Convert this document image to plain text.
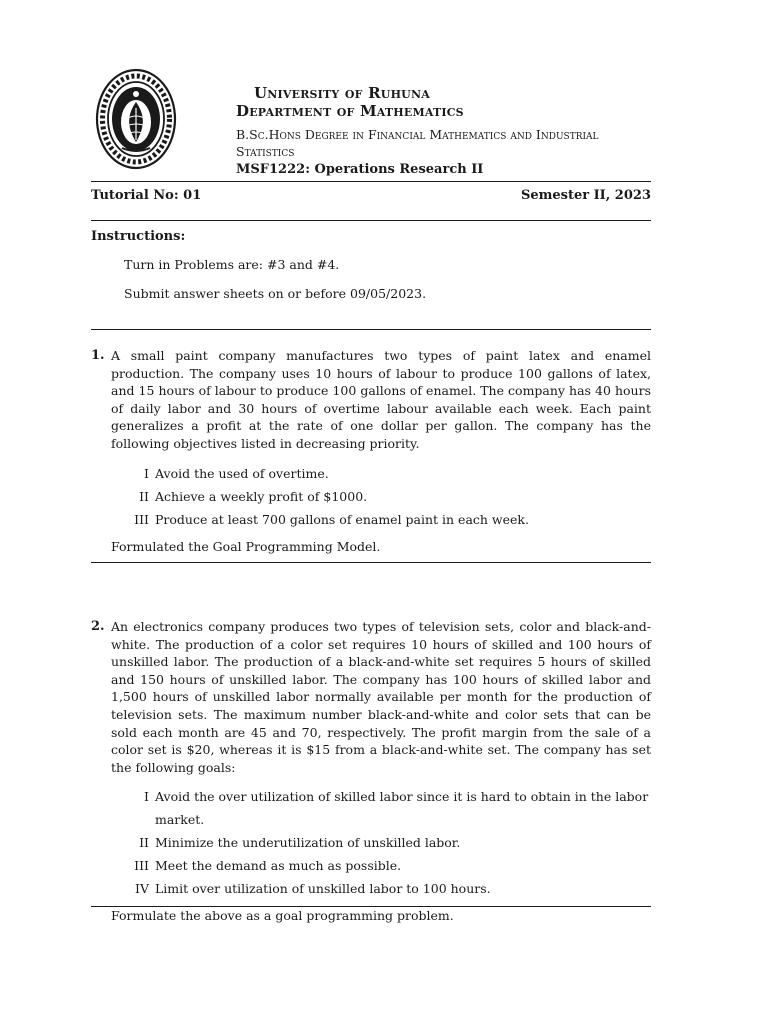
University of Ruhuna
Department of Mathematics
B.Sc.Hons Degree in Financial Mathematics and Industrial Statistics
MSF1222: Operations Research II
Tutorial No: 01	Semester II, 2023
Instructions:
Turn in Problems are: #3 and #4.
Submit answer sheets on or before 09/05/2023.
1. A small paint company manufactures two types of paint latex and enamel production. The company uses 10 hours of labour to produce 100 gallons of latex, and 15 hours of labour to produce 100 gallons of enamel. The company has 40 hours of daily labor and 30 hours of overtime labour available each week. Each paint generalizes a profit at the rate of one dollar per gallon. The company has the following objectives listed in decreasing priority.
I Avoid the used of overtime.
II Achieve a weekly profit of $1000.
III Produce at least 700 gallons of enamel paint in each week.
Formulated the Goal Programming Model.
2. An electronics company produces two types of television sets, color and black-and-white. The production of a color set requires 10 hours of skilled and 100 hours of unskilled labor. The production of a black-and-white set requires 5 hours of skilled and 150 hours of unskilled labor. The company has 100 hours of skilled labor and 1,500 hours of unskilled labor normally available per month for the production of television sets. The maximum number black-and-white and color sets that can be sold each month are 45 and 70, respectively. The profit margin from the sale of a color set is $20, whereas it is $15 from a black-and-white set. The company has set the following goals:
I Avoid the over utilization of skilled labor since it is hard to obtain in the labor market.
II Minimize the underutilization of unskilled labor.
III Meet the demand as much as possible.
IV Limit over utilization of unskilled labor to 100 hours.
Formulate the above as a goal programming problem.
